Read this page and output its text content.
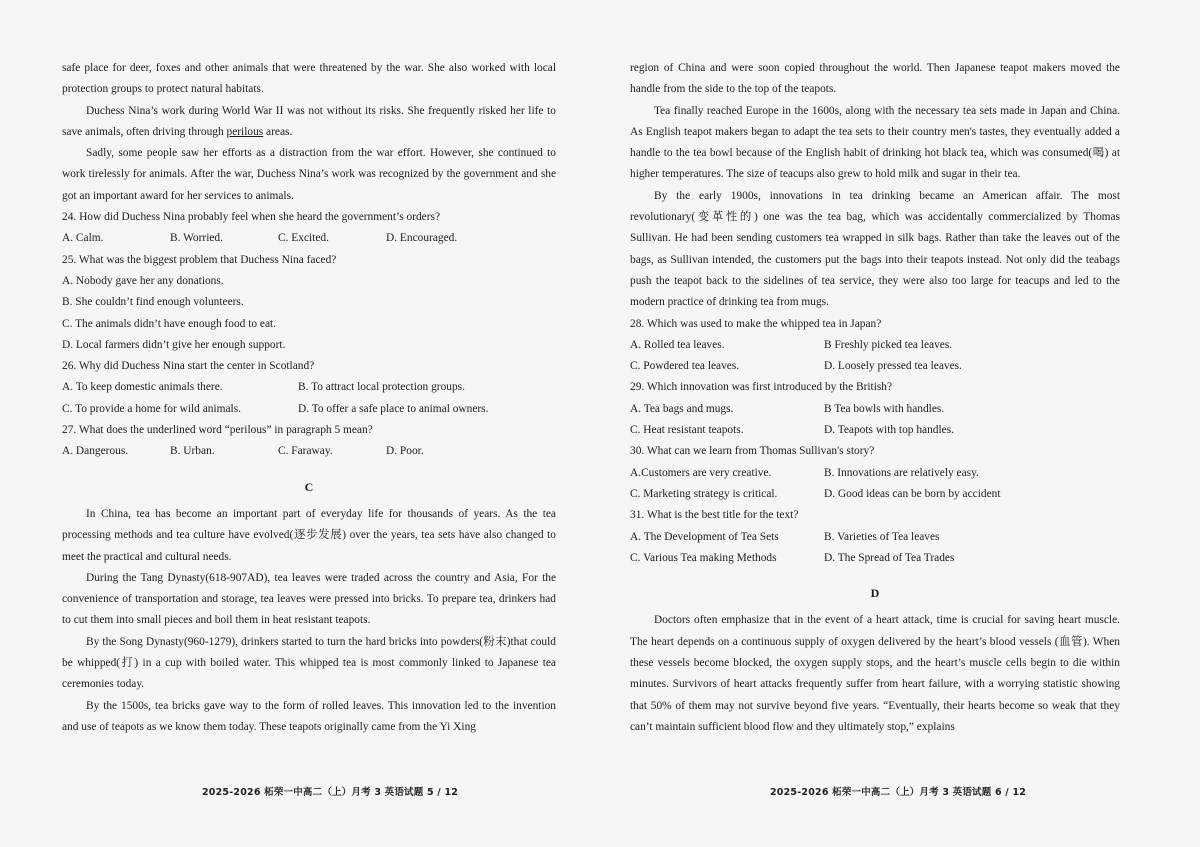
safe place for deer, foxes and other animals that were threatened by the war. She also worked with local protection groups to protect natural habitats.

Duchess Nina’s work during World War II was not without its risks. She frequently risked her life to save animals, often driving through perilous areas.

Sadly, some people saw her efforts as a distraction from the war effort. However, she continued to work tirelessly for animals. After the war, Duchess Nina’s work was recognized by the government and she got an important award for her services to animals.

24. How did Duchess Nina probably feel when she heard the government’s orders?

A. Calm.	B. Worried.	C. Excited.	D. Encouraged.

25. What was the biggest problem that Duchess Nina faced?

A. Nobody gave her any donations.

B. She couldn’t find enough volunteers.

C. The animals didn’t have enough food to eat.

D. Local farmers didn’t give her enough support.

26. Why did Duchess Nina start the center in Scotland?

A. To keep domestic animals there.	B. To attract local protection groups.
C. To provide a home for wild animals.	D. To offer a safe place to animal owners.

27. What does the underlined word “perilous” in paragraph 5 mean?

A. Dangerous.	B. Urban.	C. Faraway.	D. Poor.
C

In China, tea has become an important part of everyday life for thousands of years. As the tea processing methods and tea culture have evolved(逐步发展) over the years, tea sets have also changed to meet the practical and cultural needs.

During the Tang Dynasty(618-907AD), tea leaves were traded across the country and Asia, For the convenience of transportation and storage, tea leaves were pressed into bricks. To prepare tea, drinkers had to cut them into small pieces and boil them in heat resistant teapots.

By the Song Dynasty(960-1279), drinkers started to turn the hard bricks into powders(粉末)that could be whipped(打) in a cup with boiled water. This whipped tea is most commonly linked to Japanese tea ceremonies today.

By the 1500s, tea bricks gave way to the form of rolled leaves. This innovation led to the invention and use of teapots as we know them today. These teapots originally came from the Yi Xing

2025-2026 柘荣一中高二（上）月考 3 英语试题 5 / 12

region of China and were soon copied throughout the world. Then Japanese teapot makers moved the handle from the side to the top of the teapots.

Tea finally reached Europe in the 1600s, along with the necessary tea sets made in Japan and China. As English teapot makers began to adapt the tea sets to their country men's tastes, they eventually added a handle to the tea bowl because of the English habit of drinking hot black tea, which was consumed(喝) at higher temperatures. The size of teacups also grew to hold milk and sugar in their tea.

By the early 1900s, innovations in tea drinking became an American affair. The most revolutionary(变革性的) one was the tea bag, which was accidentally commercialized by Thomas Sullivan. He had been sending customers tea wrapped in silk bags. Rather than take the leaves out of the bags, as Sullivan intended, the customers put the bags into their teapots instead. Not only did the teabags push the teapot back to the sidelines of tea service, they were also too large for teacups and led to the modern practice of drinking tea from mugs.

28. Which was used to make the whipped tea in Japan?

A. Rolled tea leaves.	B Freshly picked tea leaves.
C. Powdered tea leaves.	D. Loosely pressed tea leaves.

29. Which innovation was first introduced by the British?

A. Tea bags and mugs.	B Tea bowls with handles.
C. Heat resistant teapots.	D. Teapots with top handles.

30. What can we learn from Thomas Sullivan's story?

A.Customers are very creative.	B. Innovations are relatively easy.
C. Marketing strategy is critical.	D. Good ideas can be born by accident

31. What is the best title for the text?

A. The Development of Tea Sets	B. Varieties of Tea leaves
C. Various Tea making Methods	D. The Spread of Tea Trades
D

Doctors often emphasize that in the event of a heart attack, time is crucial for saving heart muscle. The heart depends on a continuous supply of oxygen delivered by the heart’s blood vessels (血管). When these vessels become blocked, the oxygen supply stops, and the heart’s muscle cells begin to die within minutes. Survivors of heart attacks frequently suffer from heart failure, with a worrying statistic showing that 50% of them may not survive beyond five years. “Eventually, their hearts become so weak that they can’t maintain sufficient blood flow and they ultimately stop,” explains

2025-2026 柘荣一中高二（上）月考 3 英语试题 6 / 12
